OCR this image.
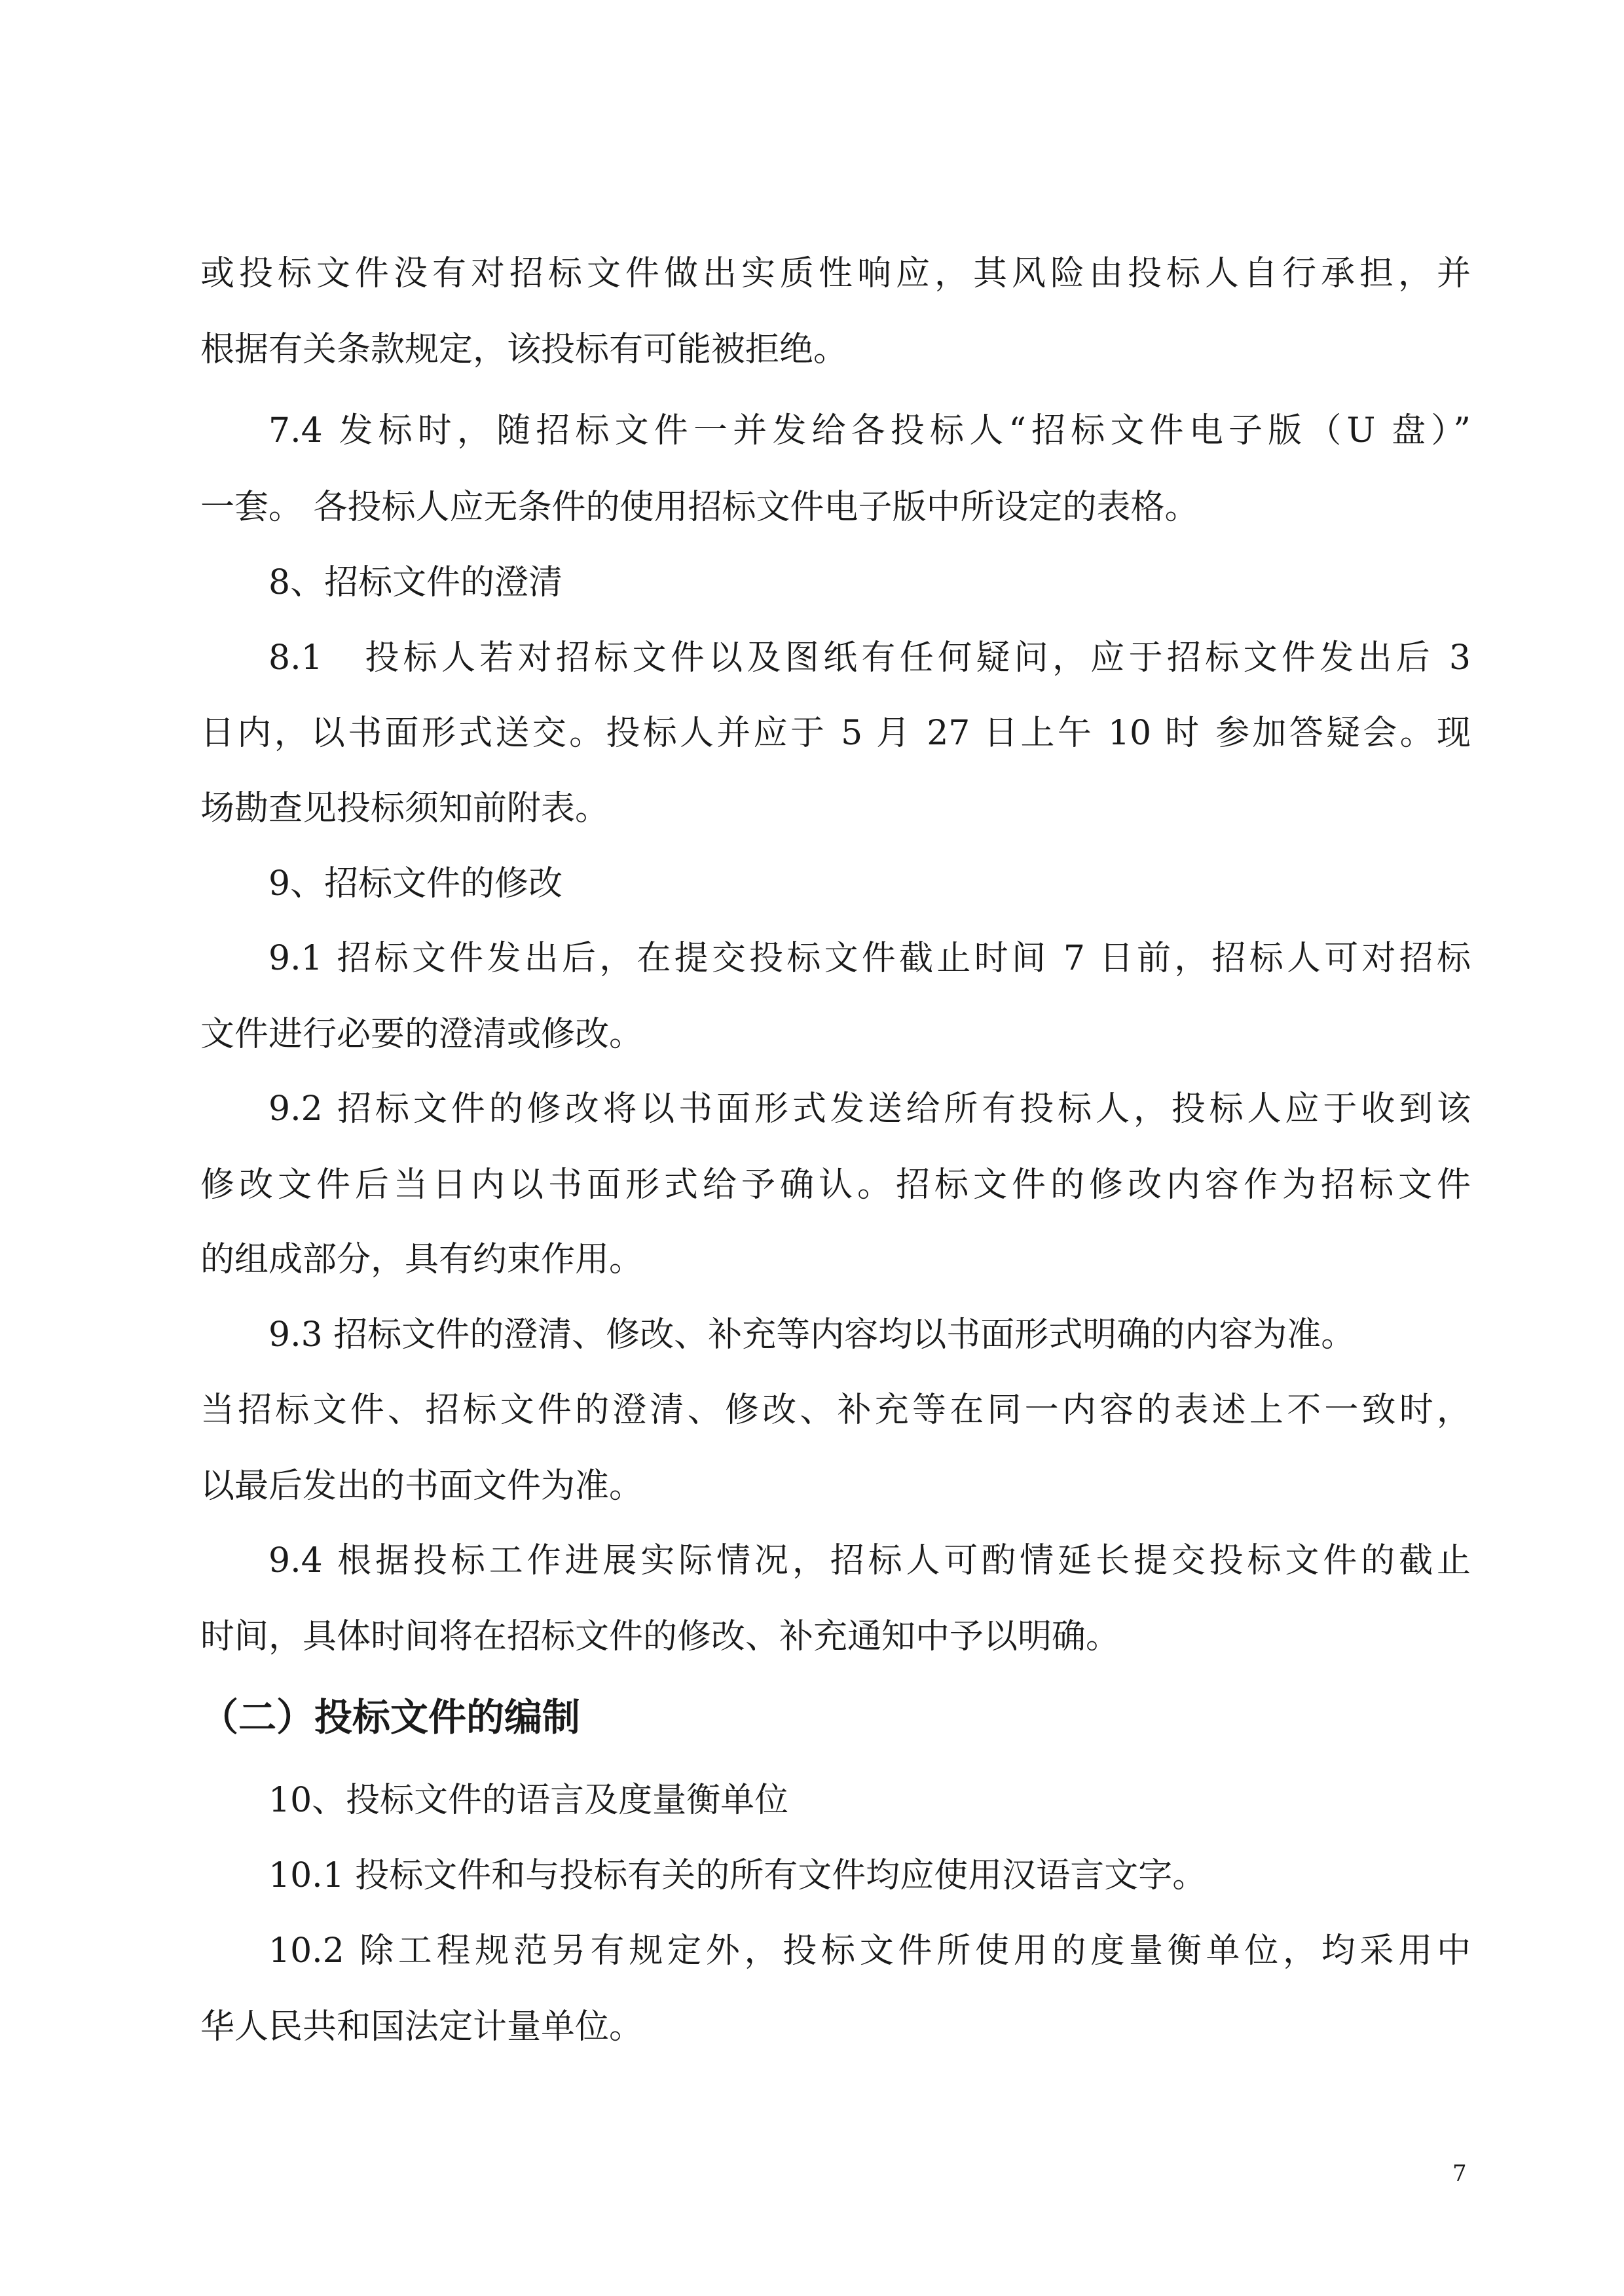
或投标文件没有对招标文件做出实质性响应，其风险由投标人自行承担，并
根据有关条款规定，该投标有可能被拒绝。
7.4 发标时，随招标文件一并发给各投标人“招标文件电子版（U 盘）”
一套。 各投标人应无条件的使用招标文件电子版中所设定的表格。
8、招标文件的澄清
8.1　投标人若对招标文件以及图纸有任何疑问，应于招标文件发出后 3
日内，以书面形式送交。投标人并应于 5 月 27 日上午 10 时 参加答疑会。现
场勘查见投标须知前附表。
9、招标文件的修改
9.1 招标文件发出后，在提交投标文件截止时间 7 日前，招标人可对招标
文件进行必要的澄清或修改。
9.2 招标文件的修改将以书面形式发送给所有投标人，投标人应于收到该
修改文件后当日内以书面形式给予确认。招标文件的修改内容作为招标文件
的组成部分，具有约束作用。
9.3 招标文件的澄清、修改、补充等内容均以书面形式明确的内容为准。
当招标文件、招标文件的澄清、修改、补充等在同一内容的表述上不一致时，
以最后发出的书面文件为准。
9.4 根据投标工作进展实际情况，招标人可酌情延长提交投标文件的截止
时间，具体时间将在招标文件的修改、补充通知中予以明确。
（二）投标文件的编制
10、投标文件的语言及度量衡单位
10.1 投标文件和与投标有关的所有文件均应使用汉语言文字。
10.2 除工程规范另有规定外，投标文件所使用的度量衡单位，均采用中
华人民共和国法定计量单位。
7
